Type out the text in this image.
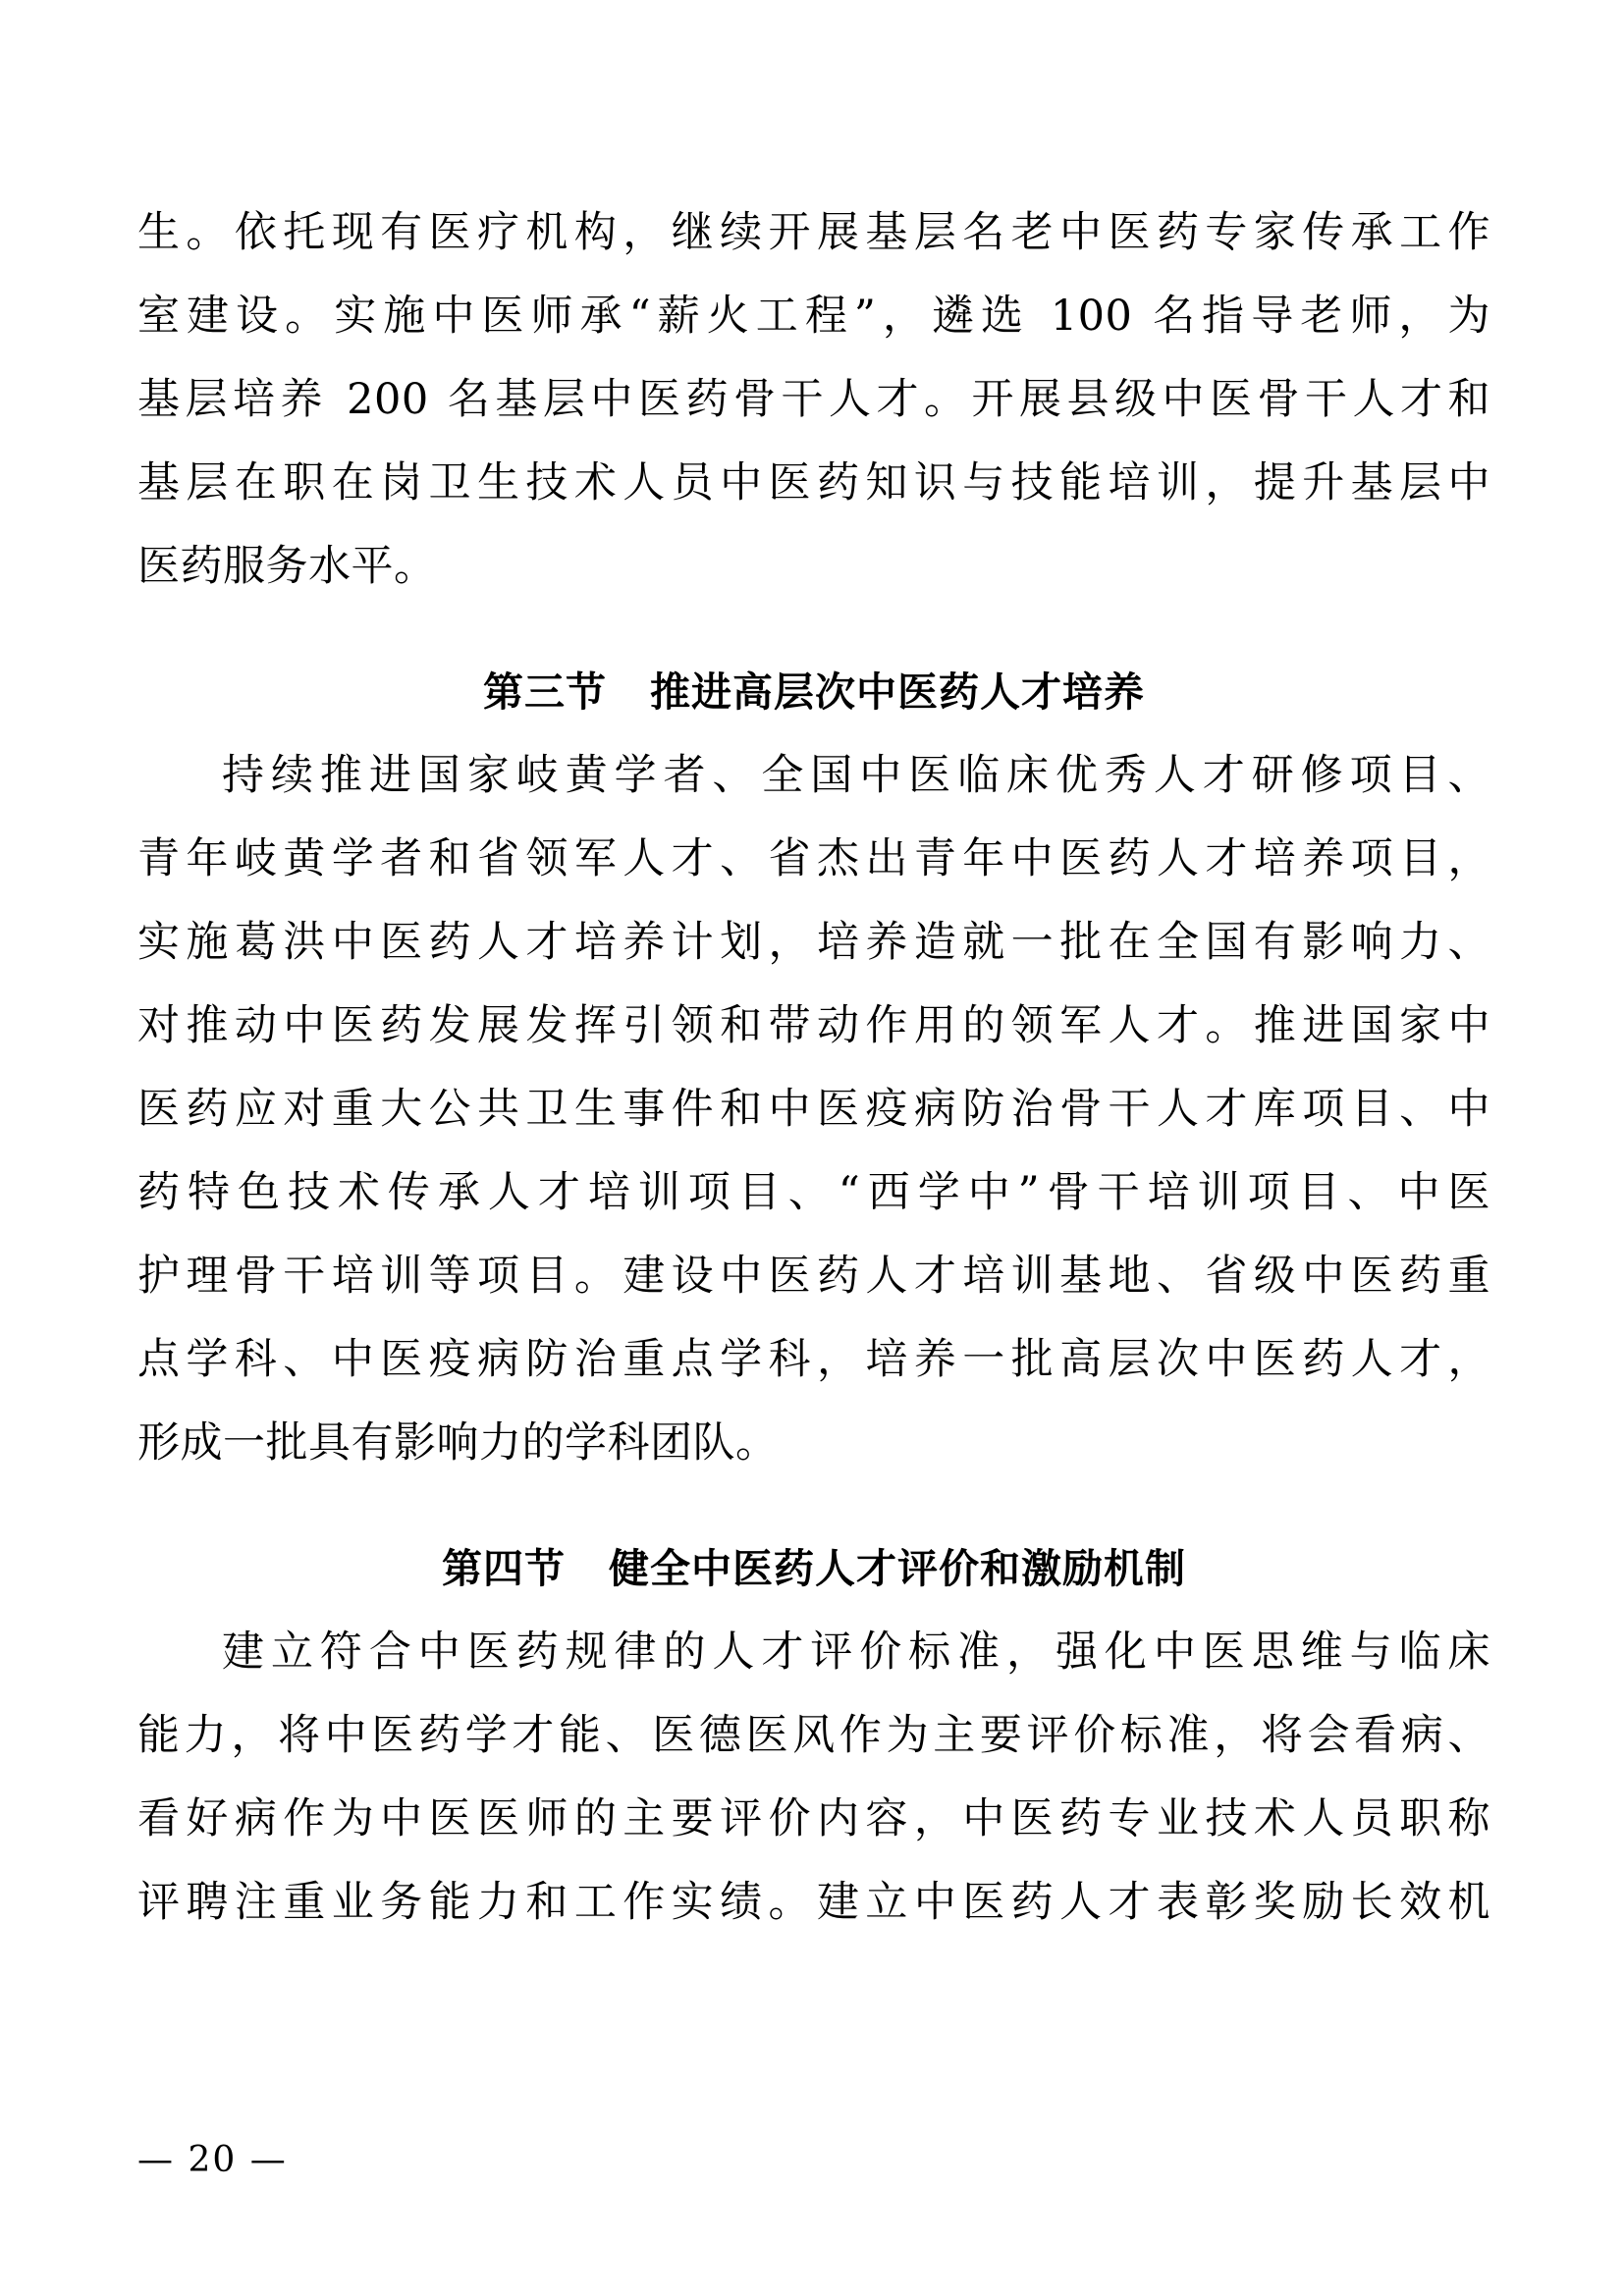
生。依托现有医疗机构，继续开展基层名老中医药专家传承工作
室建设。实施中医师承“薪火工程”，遴选 100 名指导老师，为
基层培养 200 名基层中医药骨干人才。开展县级中医骨干人才和
基层在职在岗卫生技术人员中医药知识与技能培训，提升基层中
医药服务水平。
第三节 推进高层次中医药人才培养
持续推进国家岐黄学者、全国中医临床优秀人才研修项目、
青年岐黄学者和省领军人才、省杰出青年中医药人才培养项目，
实施葛洪中医药人才培养计划，培养造就一批在全国有影响力、
对推动中医药发展发挥引领和带动作用的领军人才。推进国家中
医药应对重大公共卫生事件和中医疫病防治骨干人才库项目、中
药特色技术传承人才培训项目、“西学中”骨干培训项目、中医
护理骨干培训等项目。建设中医药人才培训基地、省级中医药重
点学科、中医疫病防治重点学科，培养一批高层次中医药人才，
形成一批具有影响力的学科团队。
第四节 健全中医药人才评价和激励机制
建立符合中医药规律的人才评价标准，强化中医思维与临床
能力，将中医药学才能、医德医风作为主要评价标准，将会看病、
看好病作为中医医师的主要评价内容，中医药专业技术人员职称
评聘注重业务能力和工作实绩。建立中医药人才表彰奖励长效机
— 20 —
